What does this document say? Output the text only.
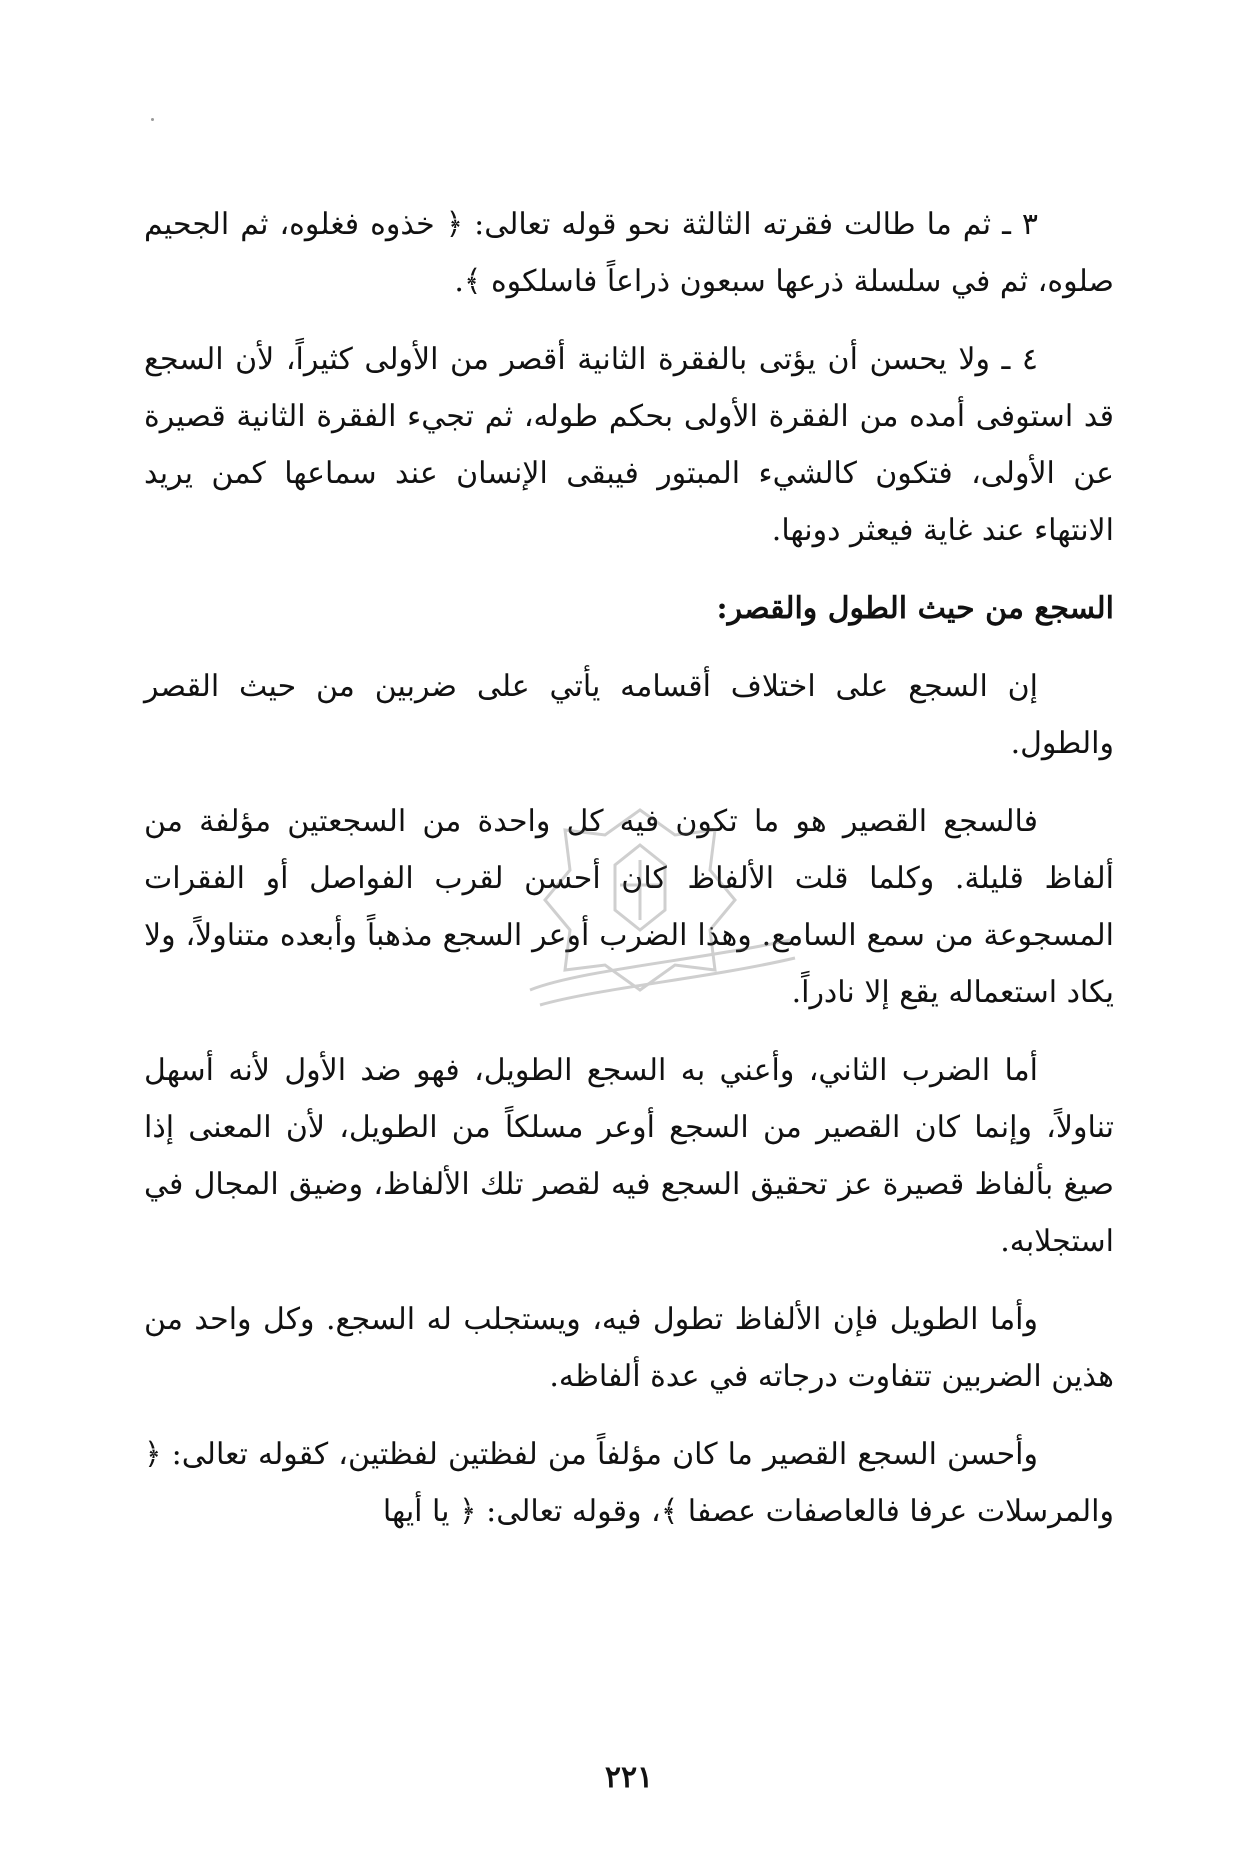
٣ ـ ثم ما طالت فقرته الثالثة نحو قوله تعالى: ﴿ خذوه فغلوه، ثم الجحيم صلوه، ثم في سلسلة ذرعها سبعون ذراعاً فاسلكوه ﴾.

٤ ـ ولا يحسن أن يؤتى بالفقرة الثانية أقصر من الأولى كثيراً، لأن السجع قد استوفى أمده من الفقرة الأولى بحكم طوله، ثم تجيء الفقرة الثانية قصيرة عن الأولى، فتكون كالشيء المبتور فيبقى الإنسان عند سماعها كمن يريد الانتهاء عند غاية فيعثر دونها.

السجع من حيث الطول والقصر:

إن السجع على اختلاف أقسامه يأتي على ضربين من حيث القصر والطول.

فالسجع القصير هو ما تكون فيه كل واحدة من السجعتين مؤلفة من ألفاظ قليلة. وكلما قلت الألفاظ كان أحسن لقرب الفواصل أو الفقرات المسجوعة من سمع السامع. وهذا الضرب أوعر السجع مذهباً وأبعده متناولاً، ولا يكاد استعماله يقع إلا نادراً.

أما الضرب الثاني، وأعني به السجع الطويل، فهو ضد الأول لأنه أسهل تناولاً، وإنما كان القصير من السجع أوعر مسلكاً من الطويل، لأن المعنى إذا صيغ بألفاظ قصيرة عز تحقيق السجع فيه لقصر تلك الألفاظ، وضيق المجال في استجلابه.

وأما الطويل فإن الألفاظ تطول فيه، ويستجلب له السجع. وكل واحد من هذين الضربين تتفاوت درجاته في عدة ألفاظه.

وأحسن السجع القصير ما كان مؤلفاً من لفظتين لفظتين، كقوله تعالى: ﴿ والمرسلات عرفا فالعاصفات عصفا ﴾، وقوله تعالى: ﴿ يا أيها

٢٢١
